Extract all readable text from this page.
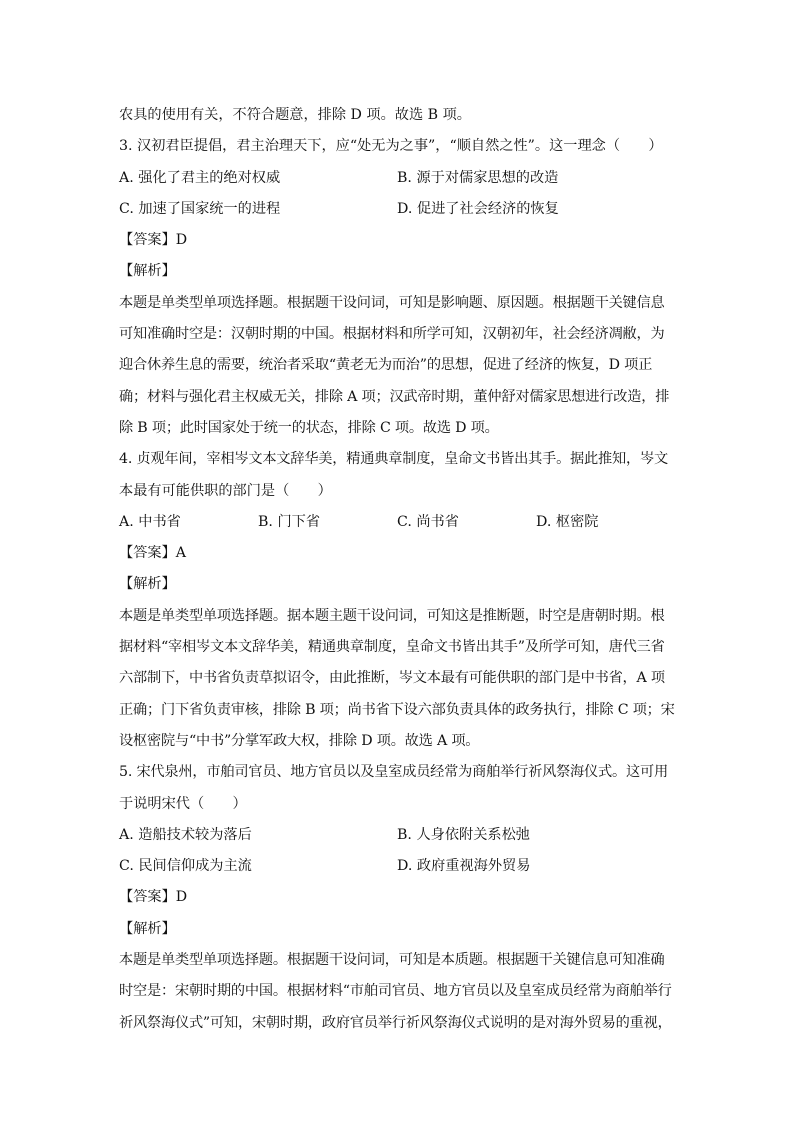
农具的使用有关，不符合题意，排除 D 项。故选 B 项。
3. 汉初君臣提倡，君主治理天下，应“处无为之事”，“顺自然之性”。这一理念（　　）
A. 强化了君主的绝对权威	B. 源于对儒家思想的改造
C. 加速了国家统一的进程	D. 促进了社会经济的恢复
【答案】D
【解析】
本题是单类型单项选择题。根据题干设问词，可知是影响题、原因题。根据题干关键信息
可知准确时空是：汉朝时期的中国。根据材料和所学可知，汉朝初年，社会经济凋敝，为
迎合休养生息的需要，统治者采取“黄老无为而治”的思想，促进了经济的恢复，D 项正
确；材料与强化君主权威无关，排除 A 项；汉武帝时期，董仲舒对儒家思想进行改造，排
除 B 项；此时国家处于统一的状态，排除 C 项。故选 D 项。
4. 贞观年间，宰相岑文本文辞华美，精通典章制度，皇命文书皆出其手。据此推知，岑文
本最有可能供职的部门是（　　）
A. 中书省	B. 门下省	C. 尚书省	D. 枢密院
【答案】A
【解析】
本题是单类型单项选择题。据本题主题干设问词，可知这是推断题，时空是唐朝时期。根
据材料“宰相岑文本文辞华美，精通典章制度，皇命文书皆出其手”及所学可知，唐代三省
六部制下，中书省负责草拟诏令，由此推断，岑文本最有可能供职的部门是中书省，A 项
正确；门下省负责审核，排除 B 项；尚书省下设六部负责具体的政务执行，排除 C 项；宋
设枢密院与“中书”分掌军政大权，排除 D 项。故选 A 项。
5. 宋代泉州，市舶司官员、地方官员以及皇室成员经常为商舶举行祈风祭海仪式。这可用
于说明宋代（　　）
A. 造船技术较为落后	B. 人身依附关系松弛
C. 民间信仰成为主流	D. 政府重视海外贸易
【答案】D
【解析】
本题是单类型单项选择题。根据题干设问词，可知是本质题。根据题干关键信息可知准确
时空是：宋朝时期的中国。根据材料“市舶司官员、地方官员以及皇室成员经常为商舶举行
祈风祭海仪式”可知，宋朝时期，政府官员举行祈风祭海仪式说明的是对海外贸易的重视，
